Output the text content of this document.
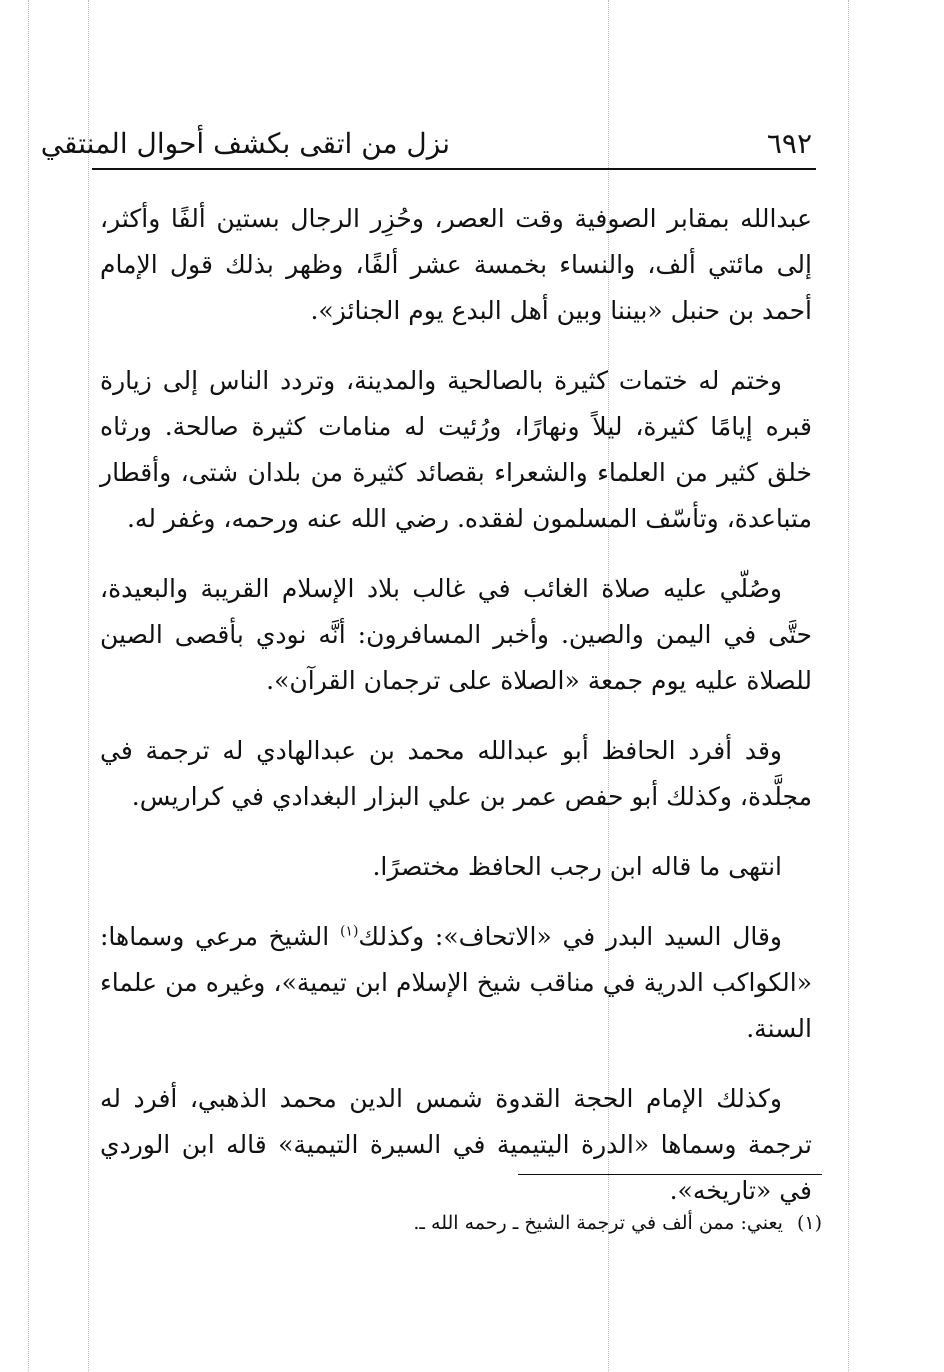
نزل من اتقى بكشف أحوال المنتقي	٦٩٢

عبدالله بمقابر الصوفية وقت العصر، وحُزِر الرجال بستين ألفًا وأكثر، إلى مائتي ألف، والنساء بخمسة عشر ألفًا، وظهر بذلك قول الإمام أحمد بن حنبل «بيننا وبين أهل البدع يوم الجنائز».

وختم له ختمات كثيرة بالصالحية والمدينة، وتردد الناس إلى زيارة قبره إيامًا كثيرة، ليلاً ونهارًا، ورُئيت له منامات كثيرة صالحة. ورثاه خلق كثير من العلماء والشعراء بقصائد كثيرة من بلدان شتى، وأقطار متباعدة، وتأسّف المسلمون لفقده. رضي الله عنه ورحمه، وغفر له.

وصُلّي عليه صلاة الغائب في غالب بلاد الإسلام القريبة والبعيدة، حتَّى في اليمن والصين. وأخبر المسافرون: أنَّه نودي بأقصى الصين للصلاة عليه يوم جمعة «الصلاة على ترجمان القرآن».

وقد أفرد الحافظ أبو عبدالله محمد بن عبدالهادي له ترجمة في مجلَّدة، وكذلك أبو حفص عمر بن علي البزار البغدادي في كراريس.

انتهى ما قاله ابن رجب الحافظ مختصرًا.

وقال السيد البدر في «الاتحاف»: وكذلك$^{(١)}$ الشيخ مرعي وسماها: «الكواكب الدرية في مناقب شيخ الإسلام ابن تيمية»، وغيره من علماء السنة.

وكذلك الإمام الحجة القدوة شمس الدين محمد الذهبي، أفرد له ترجمة وسماها «الدرة اليتيمية في السيرة التيمية» قاله ابن الوردي في «تاريخه».

(١)يعني: ممن ألف في ترجمة الشيخ ـ رحمه الله ـ.
